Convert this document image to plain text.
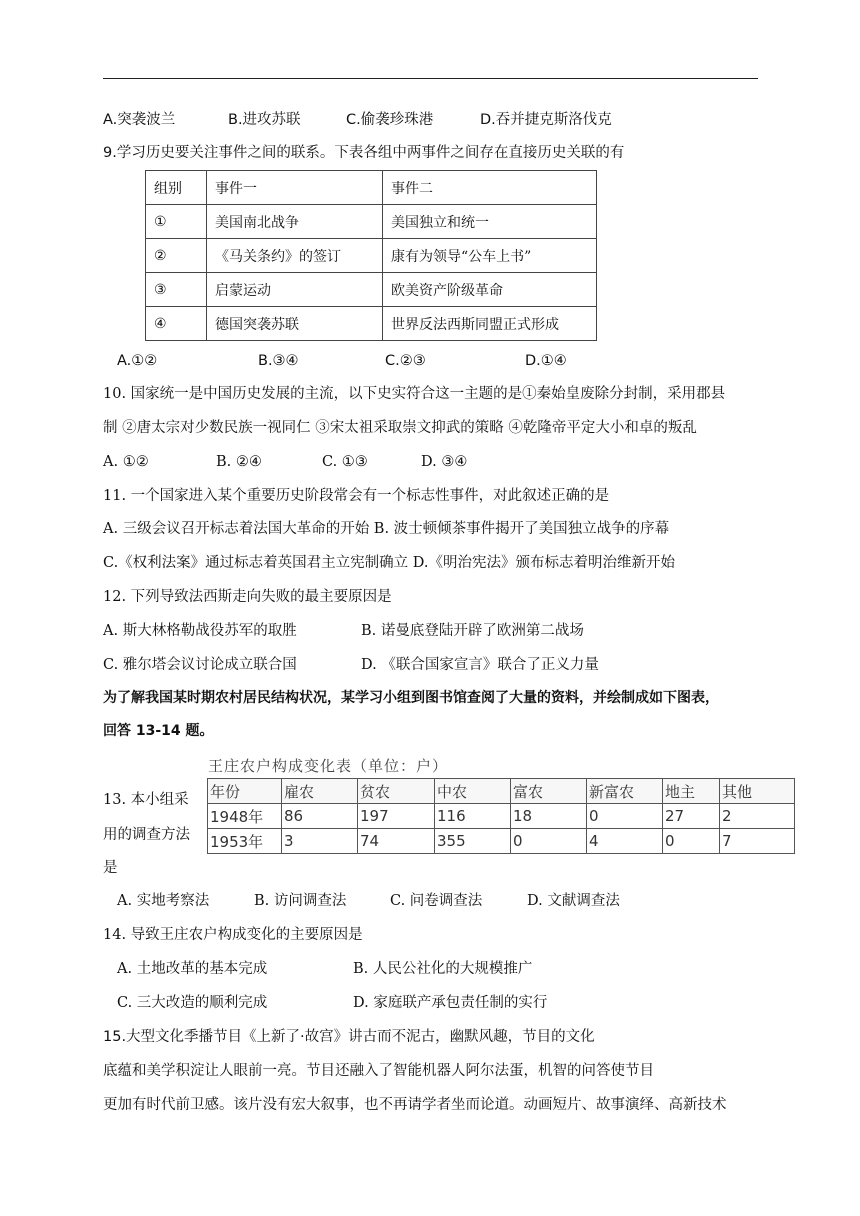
A.突袭波兰	B.进攻苏联	C.偷袭珍珠港	D.吞并捷克斯洛伐克
9.学习历史要关注事件之间的联系。下表各组中两事件之间存在直接历史关联的有
组别	事件一	事件二
①	美国南北战争	美国独立和统一
②	《马关条约》的签订	康有为领导“公车上书”
③	启蒙运动	欧美资产阶级革命
④	德国突袭苏联	世界反法西斯同盟正式形成
A.①②	B.③④	C.②③	D.①④
10. 国家统一是中国历史发展的主流，以下史实符合这一主题的是①秦始皇废除分封制，采用郡县
制 ②唐太宗对少数民族一视同仁 ③宋太祖采取崇文抑武的策略 ④乾隆帝平定大小和卓的叛乱
A. ①②	B. ②④	C. ①③	D. ③④
11. 一个国家进入某个重要历史阶段常会有一个标志性事件，对此叙述正确的是
A. 三级会议召开标志着法国大革命的开始 B. 波士顿倾茶事件揭开了美国独立战争的序幕
C.《权利法案》通过标志着英国君主立宪制确立 D.《明治宪法》颁布标志着明治维新开始
12. 下列导致法西斯走向失败的最主要原因是
A. 斯大林格勒战役苏军的取胜	B. 诺曼底登陆开辟了欧洲第二战场
C. 雅尔塔会议讨论成立联合国	D. 《联合国家宣言》联合了正义力量
为了解我国某时期农村居民结构状况，某学习小组到图书馆查阅了大量的资料，并绘制成如下图表，
回答 13-14 题。
王庄农户构成变化表（单位：户）
年份	雇农	贫农	中农	富农	新富农	地主	其他
1948年	86	197	116	18	0	27	2
1953年	3	74	355	0	4	0	7
13. 本小组采
用的调查方法
是
A. 实地考察法	B. 访问调查法	C. 问卷调查法	D. 文献调查法
14. 导致王庄农户构成变化的主要原因是
A. 土地改革的基本完成	B. 人民公社化的大规模推广
C. 三大改造的顺利完成	D. 家庭联产承包责任制的实行
15.大型文化季播节目《上新了·故宫》讲古而不泥古，幽默风趣，节目的文化
底蕴和美学积淀让人眼前一亮。节目还融入了智能机器人阿尔法蛋，机智的问答使节目
更加有时代前卫感。该片没有宏大叙事，也不再请学者坐而论道。动画短片、故事演绎、高新技术
